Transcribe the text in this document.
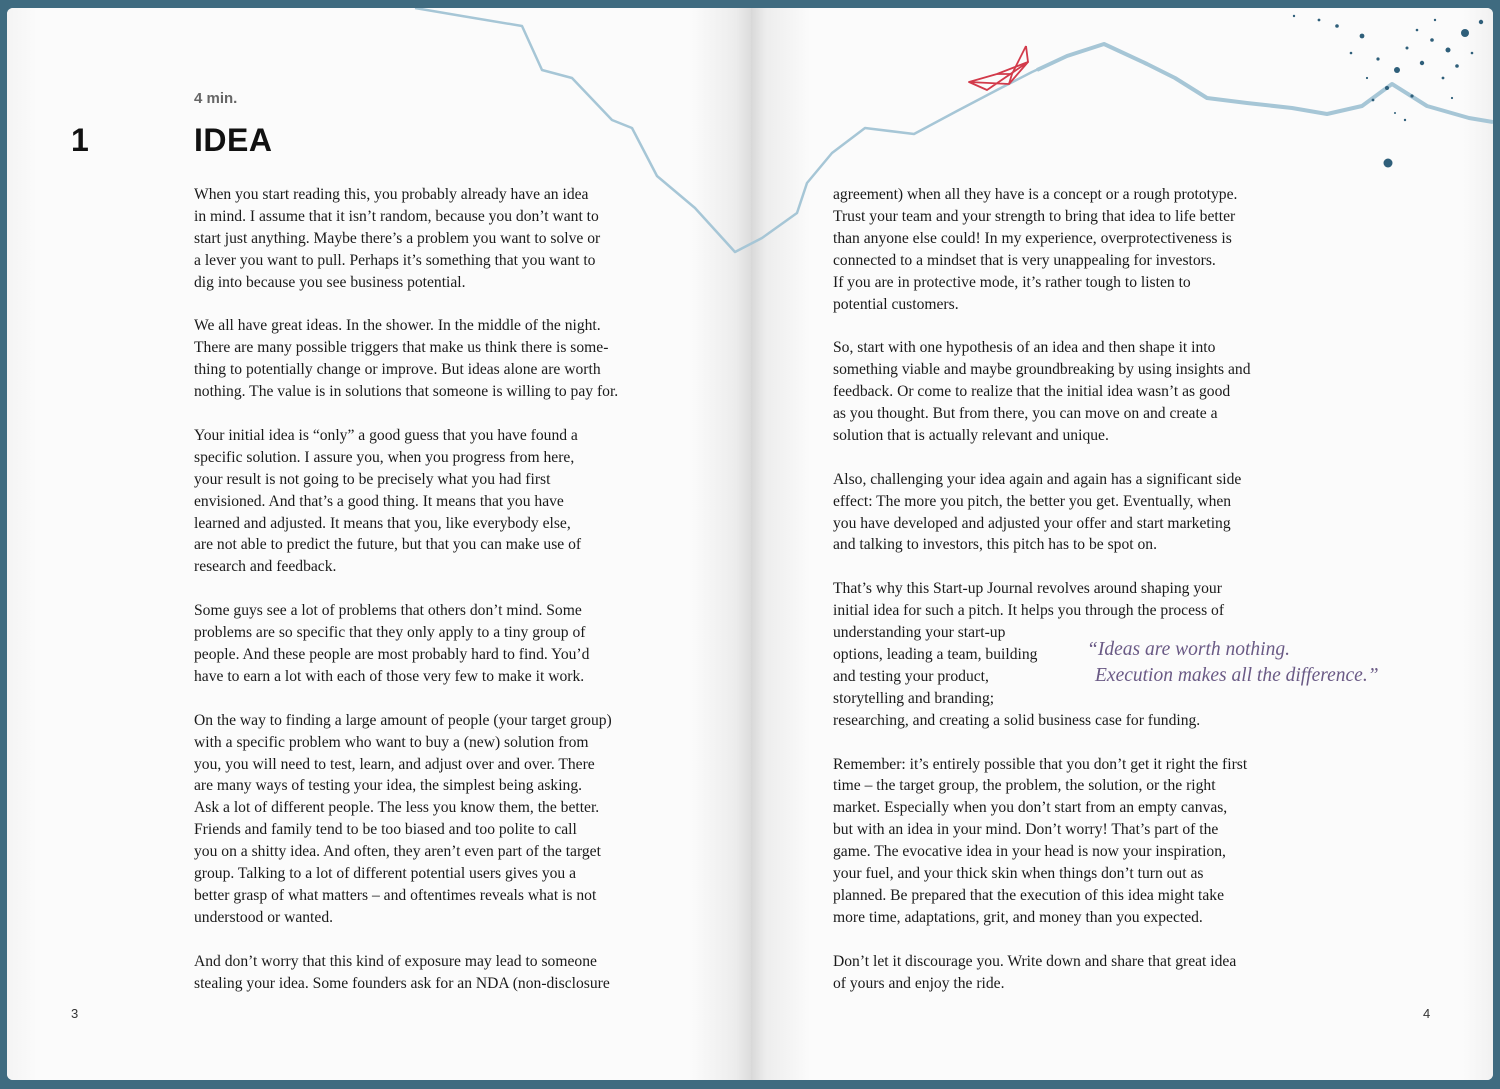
4 min.
1	IDEA

When you start reading this, you probably already have an idea
in mind. I assume that it isn’t random, because you don’t want to
start just anything. Maybe there’s a problem you want to solve or
a lever you want to pull. Perhaps it’s something that you want to
dig into because you see business potential.

We all have great ideas. In the shower. In the middle of the night.
There are many possible triggers that make us think there is some-
thing to potentially change or improve. But ideas alone are worth
nothing. The value is in solutions that someone is willing to pay for.

Your initial idea is “only” a good guess that you have found a
specific solution. I assure you, when you progress from here,
your result is not going to be precisely what you had first
envisioned. And that’s a good thing. It means that you have
learned and adjusted. It means that you, like everybody else,
are not able to predict the future, but that you can make use of
research and feedback.

Some guys see a lot of problems that others don’t mind. Some
problems are so specific that they only apply to a tiny group of
people. And these people are most probably hard to find. You’d
have to earn a lot with each of those very few to make it work.

On the way to finding a large amount of people (your target group)
with a specific problem who want to buy a (new) solution from
you, you will need to test, learn, and adjust over and over. There
are many ways of testing your idea, the simplest being asking.
Ask a lot of different people. The less you know them, the better.
Friends and family tend to be too biased and too polite to call
you on a shitty idea. And often, they aren’t even part of the target
group. Talking to a lot of different potential users gives you a
better grasp of what matters – and oftentimes reveals what is not
understood or wanted.

And don’t worry that this kind of exposure may lead to someone
stealing your idea. Some founders ask for an NDA (non-disclosure

agreement) when all they have is a concept or a rough prototype.
Trust your team and your strength to bring that idea to life better
than anyone else could! In my experience, overprotectiveness is
connected to a mindset that is very unappealing for investors.
If you are in protective mode, it’s rather tough to listen to
potential customers.

So, start with one hypothesis of an idea and then shape it into
something viable and maybe groundbreaking by using insights and
feedback. Or come to realize that the initial idea wasn’t as good
as you thought. But from there, you can move on and create a
solution that is actually relevant and unique.

Also, challenging your idea again and again has a significant side
effect: The more you pitch, the better you get. Eventually, when
you have developed and adjusted your offer and start marketing
and talking to investors, this pitch has to be spot on.

That’s why this Start-up Journal revolves around shaping your
initial idea for such a pitch. It helps you through the process of
understanding your start-up
options, leading a team, building
and testing your product,
storytelling and branding;
researching, and creating a solid business case for funding.

Remember: it’s entirely possible that you don’t get it right the first
time – the target group, the problem, the solution, or the right
market. Especially when you don’t start from an empty canvas,
but with an idea in your mind. Don’t worry! That’s part of the
game. The evocative idea in your head is now your inspiration,
your fuel, and your thick skin when things don’t turn out as
planned. Be prepared that the execution of this idea might take
more time, adaptations, grit, and money than you expected.

Don’t let it discourage you. Write down and share that great idea
of yours and enjoy the ride.

“Ideas are worth nothing.
Execution makes all the difference.”
3	4
